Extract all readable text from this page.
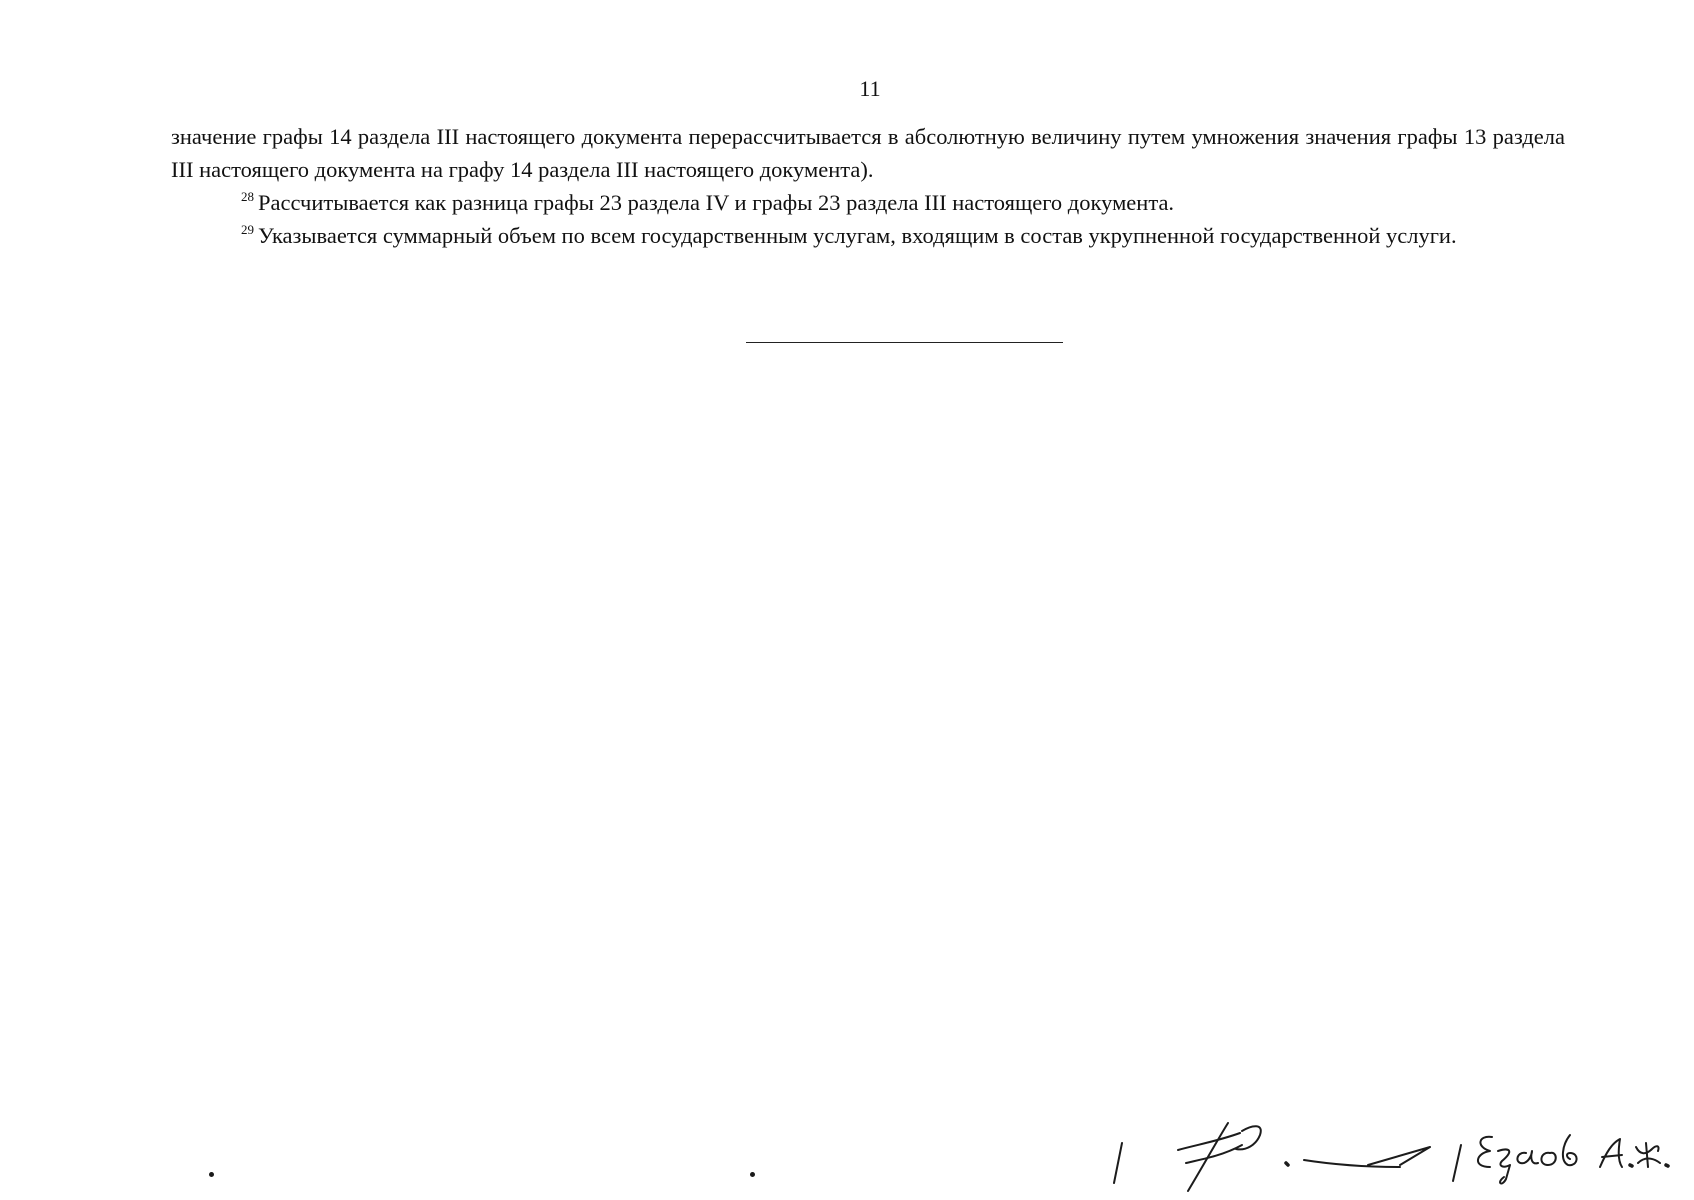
11

значение графы 14 раздела III настоящего документа перерассчитывается в абсолютную величину путем умножения значения графы 13 раздела III настоящего документа на графу 14 раздела III настоящего документа).

$^{28}$ Рассчитывается как разница графы 23 раздела IV и графы 23 раздела III настоящего документа.

$^{29}$ Указывается суммарный объем по всем государственным услугам, входящим в состав укрупненной государственной услуги.
